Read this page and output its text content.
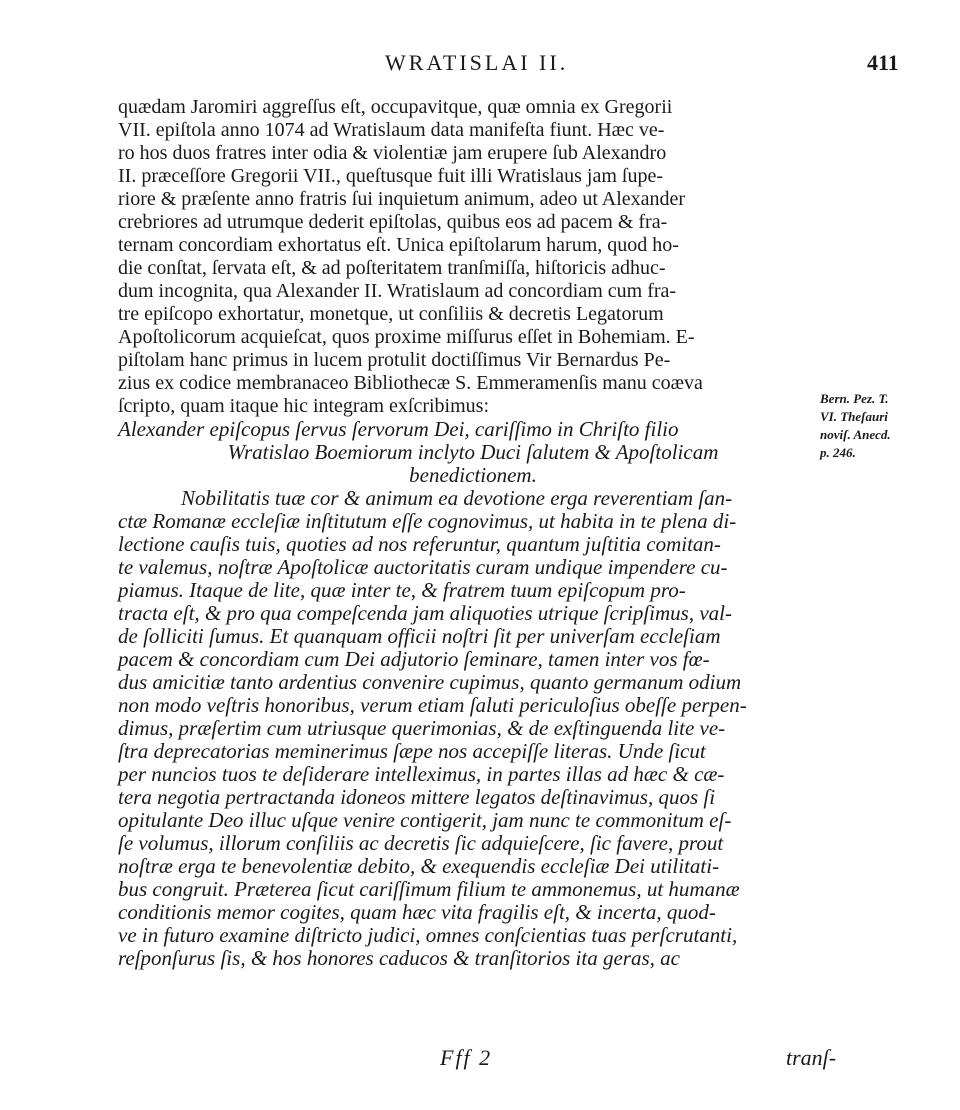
WRATISLAI II.	411
quædam Jaromiri aggreſſus eſt, occupavitque, quæ omnia ex Gregorii
VII. epiſtola anno 1074 ad Wratislaum data manifeſta fiunt. Hæc ve-
ro hos duos fratres inter odia & violentiæ jam erupere ſub Alexandro
II. præceſſore Gregorii VII., queſtusque fuit illi Wratislaus jam ſupe-
riore & præſente anno fratris ſui inquietum animum, adeo ut Alexander
crebriores ad utrumque dederit epiſtolas, quibus eos ad pacem & fra-
ternam concordiam exhortatus eſt. Unica epiſtolarum harum, quod ho-
die conſtat, ſervata eſt, & ad poſteritatem tranſmiſſa, hiſtoricis adhuc-
dum incognita, qua Alexander II. Wratislaum ad concordiam cum fra-
tre epiſcopo exhortatur, monetque, ut conſiliis & decretis Legatorum
Apoſtolicorum acquieſcat, quos proxime miſſurus eſſet in Bohemiam. E-
piſtolam hanc primus in lucem protulit doctiſſimus Vir Bernardus Pe-
zius ex codice membranaceo Bibliothecæ S. Emmeramenſis manu coæva
ſcripto, quam itaque hic integram exſcribimus:
Alexander epiſcopus ſervus ſervorum Dei, cariſſimo in Chriſto filio
Wratislao Boemiorum inclyto Duci ſalutem & Apoſtolicam
benedictionem.
Nobilitatis tuæ cor & animum ea devotione erga reverentiam ſan-
ctæ Romanæ eccleſiæ inſtitutum eſſe cognovimus, ut habita in te plena di-
lectione cauſis tuis, quoties ad nos referuntur, quantum juſtitia comitan-
te valemus, noſtræ Apoſtolicæ auctoritatis curam undique impendere cu-
piamus. Itaque de lite, quæ inter te, & fratrem tuum epiſcopum pro-
tracta eſt, & pro qua compeſcenda jam aliquoties utrique ſcripſimus, val-
de ſolliciti ſumus. Et quanquam officii noſtri ſit per univerſam eccleſiam
pacem & concordiam cum Dei adjutorio ſeminare, tamen inter vos fœ-
dus amicitiæ tanto ardentius convenire cupimus, quanto germanum odium
non modo veſtris honoribus, verum etiam ſaluti periculoſius obeſſe perpen-
dimus, præſertim cum utriusque querimonias, & de exſtinguenda lite ve-
ſtra deprecatorias meminerimus ſæpe nos accepiſſe literas. Unde ſicut
per nuncios tuos te deſiderare intelleximus, in partes illas ad hæc & cæ-
tera negotia pertractanda idoneos mittere legatos deſtinavimus, quos ſi
opitulante Deo illuc uſque venire contigerit, jam nunc te commonitum eſ-
ſe volumus, illorum conſiliis ac decretis ſic adquieſcere, ſic favere, prout
noſtræ erga te benevolentiæ debito, & exequendis eccleſiæ Dei utilitati-
bus congruit. Præterea ſicut cariſſimum filium te ammonemus, ut humanæ
conditionis memor cogites, quam hæc vita fragilis eſt, & incerta, quod-
ve in futuro examine diſtricto judici, omnes conſcientias tuas perſcrutanti,
reſponſurus ſis, & hos honores caducos & tranſitorios ita geras, ac
Bern. Pez. T.
VI. Theſauri
noviſ. Anecd.
p. 246.
Fff 2	tranſ-
